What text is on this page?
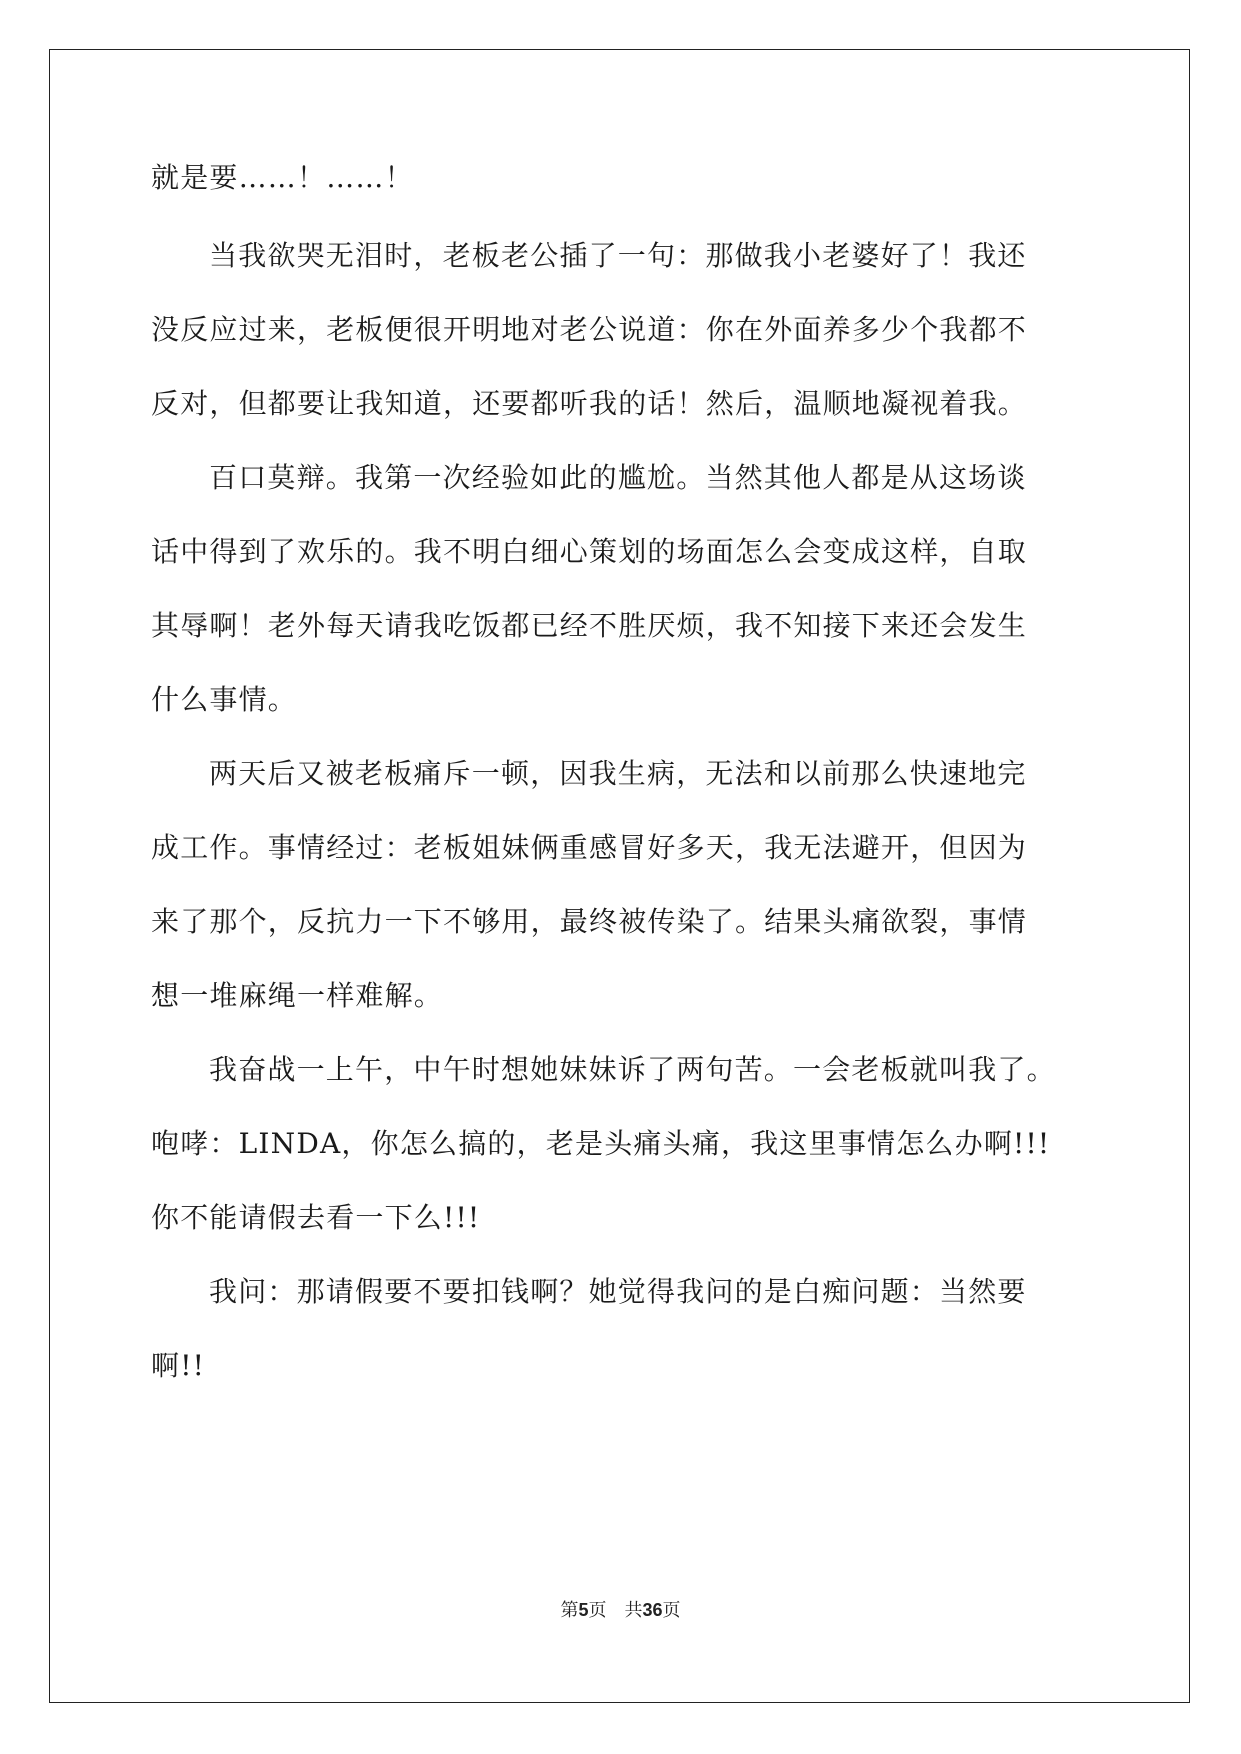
就是要……！……！
当我欲哭无泪时，老板老公插了一句：那做我小老婆好了！我还
没反应过来，老板便很开明地对老公说道：你在外面养多少个我都不
反对，但都要让我知道，还要都听我的话！然后，温顺地凝视着我。
百口莫辩。我第一次经验如此的尴尬。当然其他人都是从这场谈
话中得到了欢乐的。我不明白细心策划的场面怎么会变成这样，自取
其辱啊！老外每天请我吃饭都已经不胜厌烦，我不知接下来还会发生
什么事情。
两天后又被老板痛斥一顿，因我生病，无法和以前那么快速地完
成工作。事情经过：老板姐妹俩重感冒好多天，我无法避开，但因为
来了那个，反抗力一下不够用，最终被传染了。结果头痛欲裂，事情
想一堆麻绳一样难解。
我奋战一上午，中午时想她妹妹诉了两句苦。一会老板就叫我了。
咆哮：LINDA，你怎么搞的，老是头痛头痛，我这里事情怎么办啊!!!
你不能请假去看一下么!!!
我问：那请假要不要扣钱啊？她觉得我问的是白痴问题：当然要
啊!!
第5页　共36页
